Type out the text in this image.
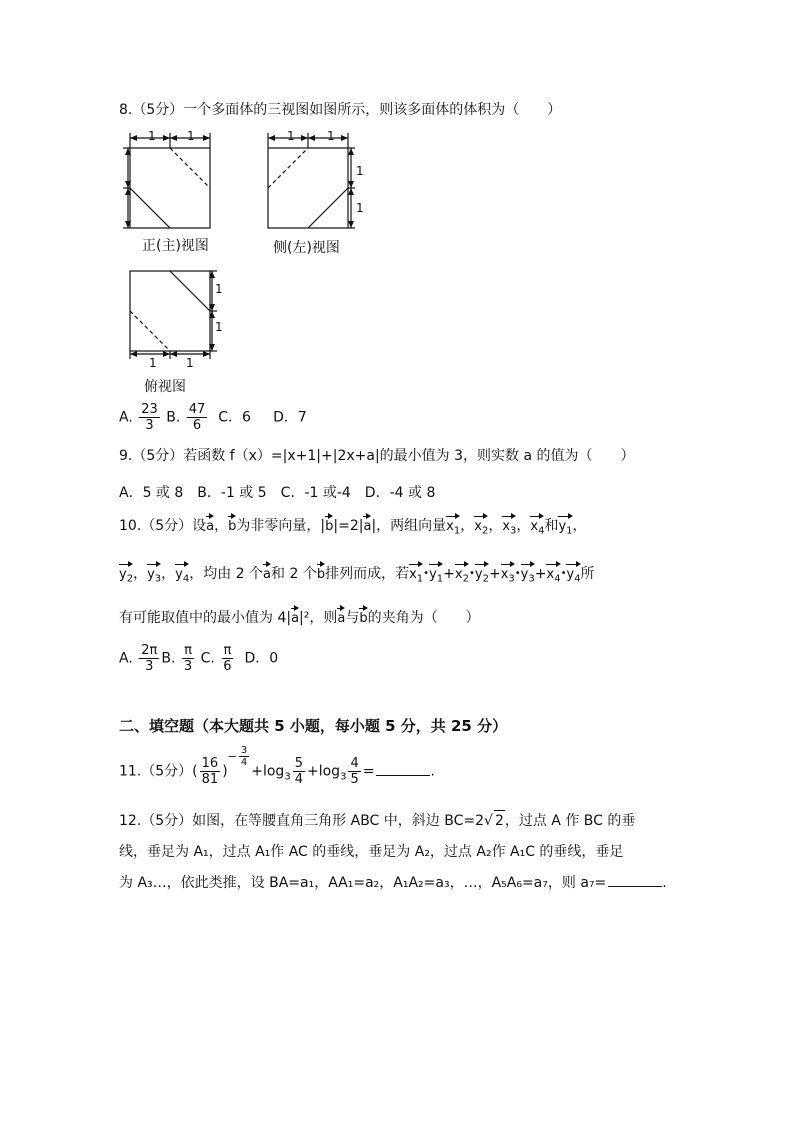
8.（5分）一个多面体的三视图如图所示，则该多面体的体积为（　　）
1	1
正(主)视图
1	1
1
1
侧(左)视图
1
1
1 1
俯视图
A. $\frac{23}{3} B$. $\frac{47}{6}$ C．6 D．7
9.（5分）若函数 f（x）=|x+1|+|2x+a|的最小值为 3，则实数 a 的值为（　　）
A．5 或 8　B．-1 或 5　C．-1 或-4　D．-4 或 8
10.（5分）设a，b为非零向量，|b|=2|a|，两组向量$x_1$，$x_2$，$x_3$，$x_4$和$y_1$，
$y_2$，$y_3$，$y_4$，均由 2 个a和 2 个b排列而成，若$x_1•y_1+x_2•y_2+x_3•y_3+x_4•y_4$所
有可能取值中的最小值为 4|a|²，则a与b的夹角为（　　）
A. $\frac{2\pi}{3} B$. $\frac{\pi}{3} C$. $\frac{\pi}{6}$ D．0
二、填空题（本大题共 5 小题，每小题 5 分，共 25 分）
11.（5分）( $\frac{16}{81} )^{- \frac{3}{4}}$
$+\log_3 \frac{5}{4} +\log_3 \frac{4}{5}$ =	.
12.（5分）如图，在等腰直角三角形 ABC 中，斜边 BC=2√ 2，过点 A 作 BC 的垂
线，垂足为 A₁，过点 A₁作 AC 的垂线，垂足为 A₂，过点 A₂作 A₁C 的垂线，垂足
为 A₃…，依此类推，设 BA=a₁，AA₁=a₂，A₁A₂=a₃，…，A₅A₆=a₇，则 a₇=	.
